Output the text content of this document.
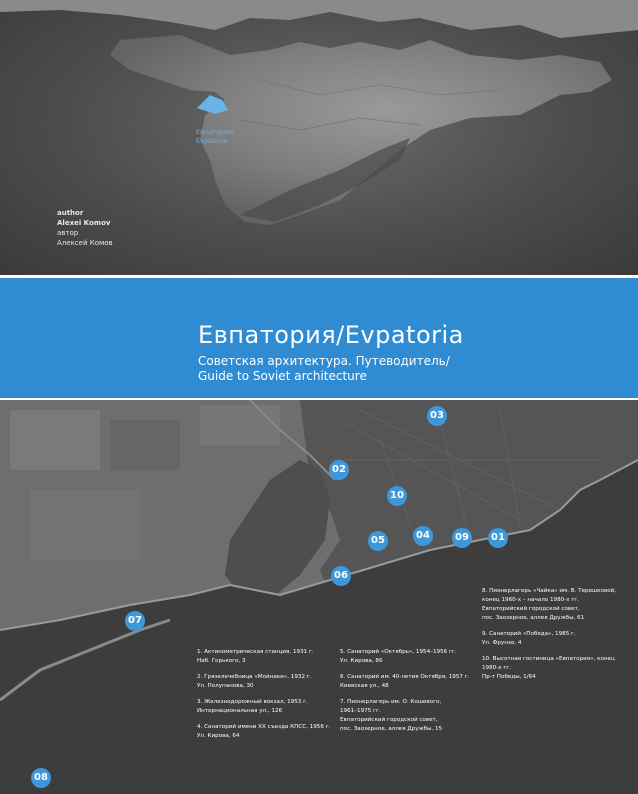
Евпатория/
Evpatoria
author
Alexei Komov
автор
Алексей Комов
Евпатория/Evpatoria
Советская архитектура. Путеводитель/
Guide to Soviet architecture
03
02
10
05	04	09	01
06
07
08
1. Актинометрическая станция, 1931 г.
Наб. Горького, 3
2. Грязелечебница «Мойнаки», 1932 г.
Ул. Полупанова, 30
3. Железнодорожный вокзал, 1953 г.
Интернациональная ул., 126
4. Санаторий имени XX съезда КПСС, 1956 г.
Ул. Кирова, 64
5. Санаторий «Октябрь», 1954–1956 гг.
Ул. Кирова, 86
6. Санаторий им. 40-летия Октября, 1957 г.
Киевская ул., 48
7. Пионерлагерь им. О. Кошевого,
1961–1975 гг.
Евпаторийский городской совет,
пос. Заозерное, аллея Дружбы, 15
8. Пионерлагерь «Чайка» им. В. Терешковой,
конец 1960-х – начало 1980-х гг.
Евпаторийский городской совет,
пос. Заозерное, аллея Дружбы, 61
9. Санаторий «Победа», 1985 г.
Ул. Фрунзе, 4
10. Высотная гостиница «Евпатория», конец
1980-х гг.
Пр-т Победы, 1/64
